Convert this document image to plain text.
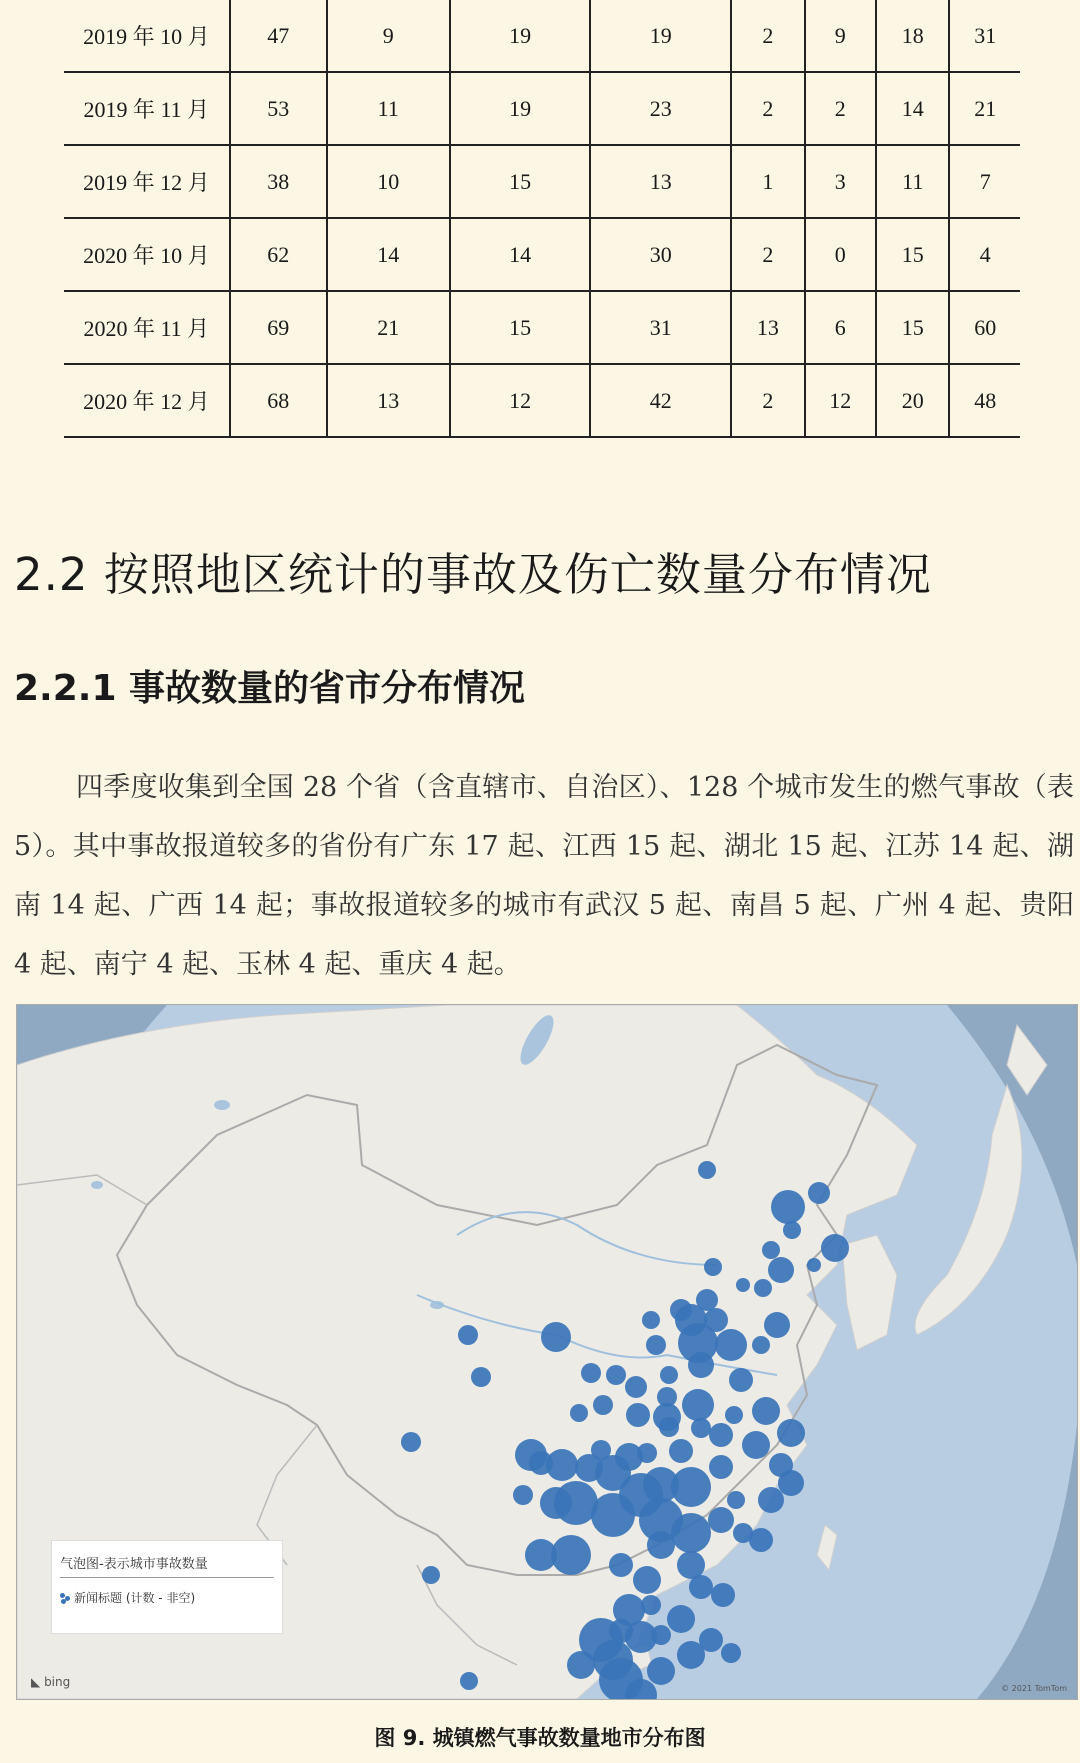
2019 年 10 月	47	9	19	19	2	9	18	31
2019 年 11 月	53	11	19	23	2	2	14	21
2019 年 12 月	38	10	15	13	1	3	11	7
2020 年 10 月	62	14	14	30	2	0	15	4
2020 年 11 月	69	21	15	31	13	6	15	60
2020 年 12 月	68	13	12	42	2	12	20	48
2.2 按照地区统计的事故及伤亡数量分布情况
2.2.1 事故数量的省市分布情况

四季度收集到全国 28 个省（含直辖市、自治区）、128 个城市发生的燃气事故（表 5）。其中事故报道较多的省份有广东 17 起、江西 15 起、湖北 15 起、江苏 14 起、湖南 14 起、广西 14 起；事故报道较多的城市有武汉 5 起、南昌 5 起、广州 4 起、贵阳 4 起、南宁 4 起、玉林 4 起、重庆 4 起。

气泡图-表示城市事故数量
新闻标题 (计数 - 非空)
◣ bing	© 2021 TomTom
图 9. 城镇燃气事故数量地市分布图
